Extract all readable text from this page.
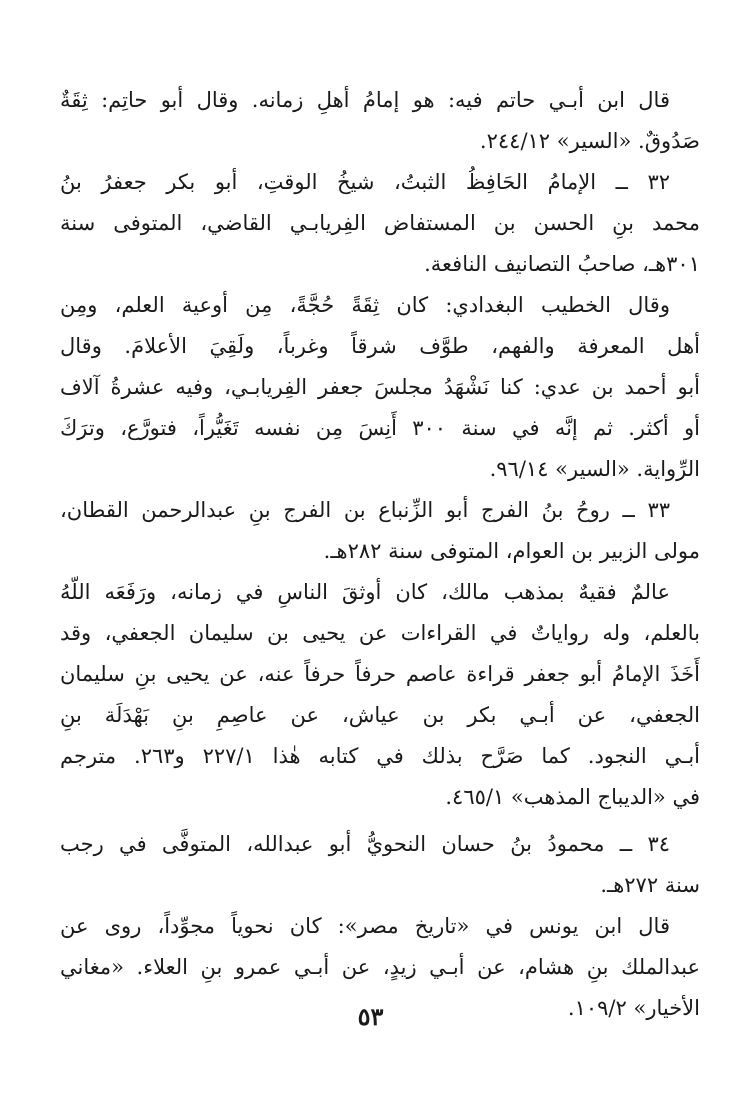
قال ابن أبـي حاتم فيه: هو إمامُ أهلِ زمانه. وقال أبو حاتِم: ثِقَةٌ
صَدُوقٌ. «السير» ٢٤٤/١٢.
٣٢ ــ الإمامُ الحَافِظُ الثبتُ، شيخُ الوقتِ، أبو بكر جعفرُ بنُ
محمد بنِ الحسن بن المستفاض الفِريابـي القاضي، المتوفى سنة
٣٠١هـ، صاحبُ التصانيف النافعة.
وقال الخطيب البغدادي: كان ثِقَةً حُجَّةً، مِن أوعية العلم، ومِن
أهل المعرفة والفهم، طوَّف شرقاً وغرباً، ولَقِيَ الأعلامَ. وقال
أبو أحمد بن عدي: كنا نَشْهَدُ مجلسَ جعفر الفِريابـي، وفيه عشرةُ آلاف
أو أكثر. ثم إنَّه في سنة ٣٠٠ أَنِسَ مِن نفسه تَغَيُّراً، فتورَّع، وترَكَ
الرِّواية. «السير» ٩٦/١٤.
٣٣ ــ روحُ بنُ الفرج أبو الزِّنباع بن الفرج بنِ عبدالرحمن القطان،
مولى الزبير بن العوام، المتوفى سنة ٢٨٢هـ.
عالمٌ فقيهٌ بمذهب مالك، كان أوثقَ الناسِ في زمانه، ورَفَعَه اللّهُ
بالعلم، وله رواياتٌ في القراءات عن يحيى بن سليمان الجعفي، وقد
أَخَذَ الإمامُ أبو جعفر قراءة عاصم حرفاً حرفاً عنه، عن يحيى بنِ سليمان
الجعفي، عن أبـي بكر بن عياش، عن عاصِمِ بنِ بَهْدَلَة بنِ
أبـي النجود. كما صَرَّح بذلك في كتابه هٰذا ٢٢٧/١ و٢٦٣. مترجم
في «الديباج المذهب» ٤٦٥/١.
٣٤ ــ محمودُ بنُ حسان النحويُّ أبو عبدالله، المتوفَّى في رجب
سنة ٢٧٢هـ.
قال ابن يونس في «تاريخ مصر»: كان نحوياً مجوِّداً، روى عن
عبدالملك بنِ هشام، عن أبـي زيدٍ، عن أبـي عمرو بنِ العلاء. «مغاني
الأخيار» ١٠٩/٢.
٥٣
